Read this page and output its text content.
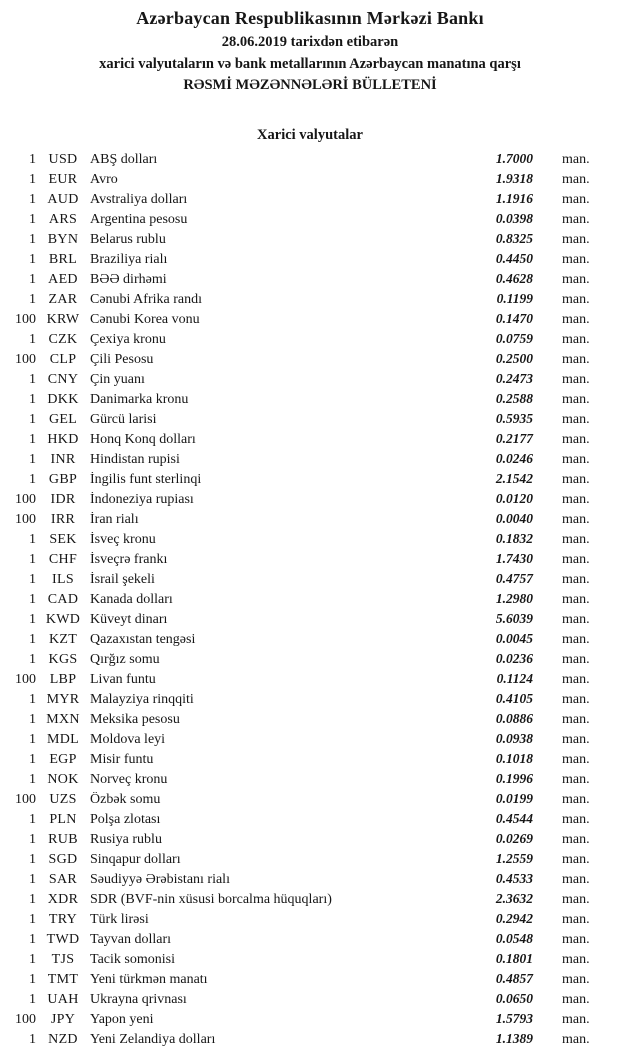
Azərbaycan Respublikasının Mərkəzi Bankı
28.06.2019 tarixdən etibarən
xarici valyutaların və bank metallarının Azərbaycan manatına qarşı
RƏSMİ MƏZƏNNƏLƏRİ BÜLLETENİ
Xarici valyutalar
1 USD ABŞ dolları	1.7000	man.
1 EUR Avro	1.9318	man.
1 AUD Avstraliya dolları	1.1916	man.
1 ARS Argentina pesosu	0.0398	man.
1 BYN Belarus rublu	0.8325	man.
1 BRL Braziliya rialı	0.4450	man.
1 AED BƏƏ dirhəmi	0.4628	man.
1 ZAR Cənubi Afrika randı	0.1199	man.
100 KRW Cənubi Korea vonu	0.1470	man.
1 CZK Çexiya kronu	0.0759	man.
100 CLP Çili Pesosu	0.2500	man.
1 CNY Çin yuanı	0.2473	man.
1 DKK Danimarka kronu	0.2588	man.
1 GEL Gürcü larisi	0.5935	man.
1 HKD Honq Konq dolları	0.2177	man.
1	INR	Hindistan rupisi	0.0246	man.
1 GBP İngilis funt sterlinqi	2.1542	man.
100	IDR	İndoneziya rupiası	0.0120	man.
100	IRR	İran rialı	0.0040	man.
1 SEK İsveç kronu	0.1832	man.
1 CHF İsveçrə frankı	1.7430	man.
1	ILS	İsrail şekeli	0.4757	man.
1 CAD Kanada dolları	1.2980	man.
1 KWD Küveyt dinarı	5.6039	man.
1 KZT Qazaxıstan tengəsi	0.0045	man.
1 KGS Qırğız somu	0.0236	man.
100 LBP Livan funtu	0.1124	man.
1 MYR Malayziya rinqqiti	0.4105	man.
1 MXN Meksika pesosu	0.0886	man.
1 MDL Moldova leyi	0.0938	man.
1 EGP Misir funtu	0.1018	man.
1 NOK Norveç kronu	0.1996	man.
100 UZS Özbək somu	0.0199	man.
1 PLN Polşa zlotası	0.4544	man.
1 RUB Rusiya rublu	0.0269	man.
1 SGD Sinqapur dolları	1.2559	man.
1 SAR Səudiyyə Ərəbistanı rialı	0.4533	man.
1 XDR SDR (BVF-nin xüsusi borcalma hüquqları)	2.3632	man.
1 TRY Türk lirəsi	0.2942	man.
1 TWD Tayvan dolları	0.0548	man.
1	TJS	Tacik somonisi	0.1801	man.
1 TMT Yeni türkmən manatı	0.4857	man.
1 UAH Ukrayna qrivnası	0.0650	man.
100	JPY	Yapon yeni	1.5793	man.
1 NZD Yeni Zelandiya dolları	1.1389	man.
